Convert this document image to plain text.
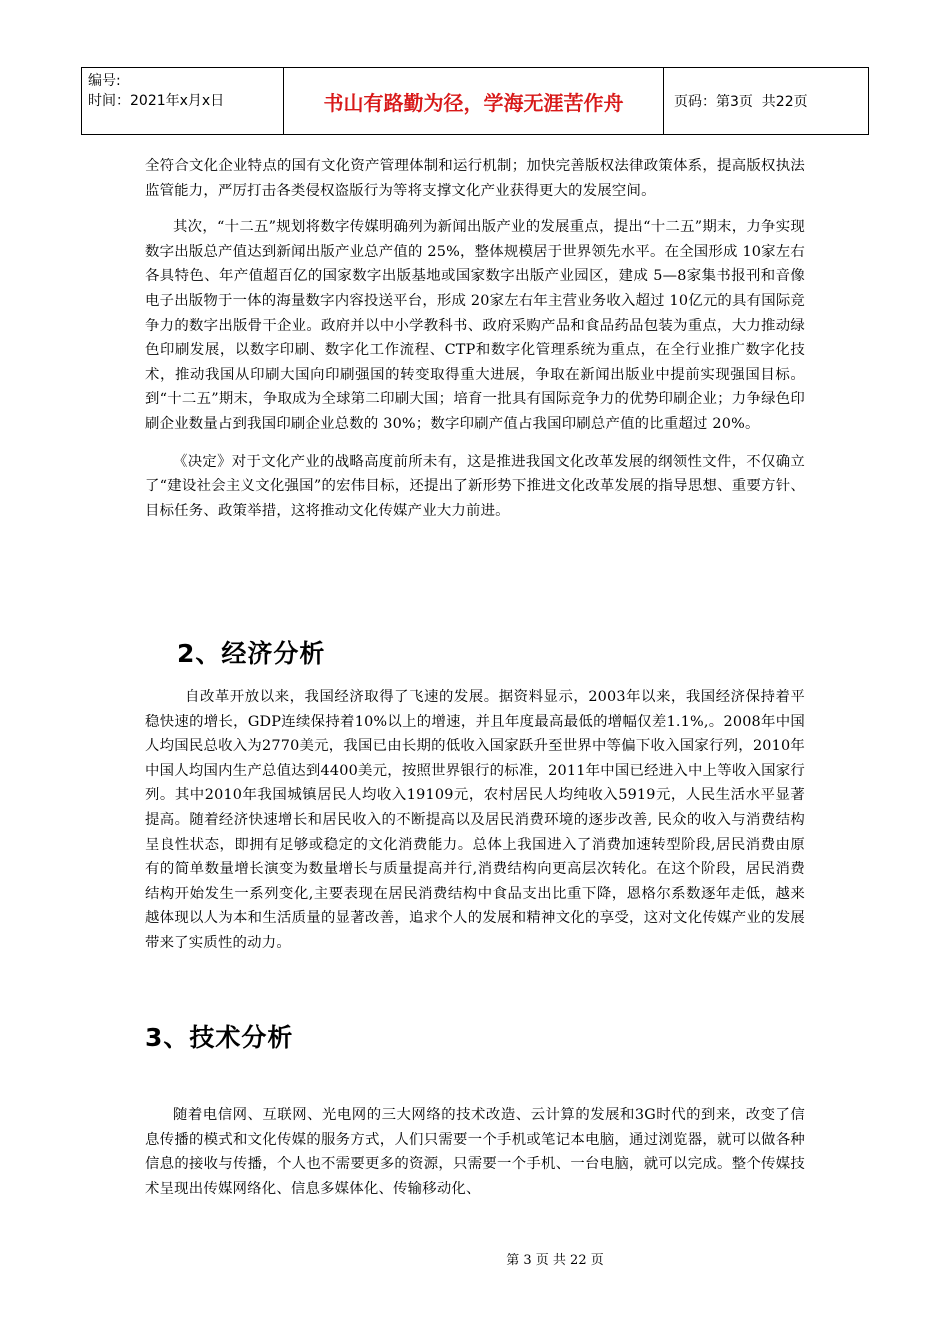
编号:
时间：2021年x月x日	书山有路勤为径，学海无涯苦作舟	页码：第3页  共22页

全符合文化企业特点的国有文化资产管理体制和运行机制；加快完善版权法律政策体系，提高版权执法监管能力，严厉打击各类侵权盗版行为等将支撑文化产业获得更大的发展空间。

其次，“十二五”规划将数字传媒明确列为新闻出版产业的发展重点，提出“十二五”期末，力争实现数字出版总产值达到新闻出版产业总产值的 25%，整体规模居于世界领先水平。在全国形成 10家左右各具特色、年产值超百亿的国家数字出版基地或国家数字出版产业园区，建成 5—8家集书报刊和音像电子出版物于一体的海量数字内容投送平台，形成 20家左右年主营业务收入超过 10亿元的具有国际竞争力的数字出版骨干企业。政府并以中小学教科书、政府采购产品和食品药品包装为重点，大力推动绿色印刷发展，以数字印刷、数字化工作流程、CTP和数字化管理系统为重点，在全行业推广数字化技术，推动我国从印刷大国向印刷强国的转变取得重大进展，争取在新闻出版业中提前实现强国目标。到“十二五”期末，争取成为全球第二印刷大国；培育一批具有国际竞争力的优势印刷企业；力争绿色印刷企业数量占到我国印刷企业总数的 30%；数字印刷产值占我国印刷总产值的比重超过 20%。

《决定》对于文化产业的战略高度前所未有，这是推进我国文化改革发展的纲领性文件，不仅确立了“建设社会主义文化强国”的宏伟目标，还提出了新形势下推进文化改革发展的指导思想、重要方针、目标任务、政策举措，这将推动文化传媒产业大力前进。

2、经济分析

自改革开放以来，我国经济取得了飞速的发展。据资料显示，2003年以来，我国经济保持着平稳快速的增长，GDP连续保持着10%以上的增速，并且年度最高最低的增幅仅差1.1%,。2008年中国人均国民总收入为2770美元，我国已由长期的低收入国家跃升至世界中等偏下收入国家行列，2010年中国人均国内生产总值达到4400美元，按照世界银行的标准，2011年中国已经进入中上等收入国家行列。其中2010年我国城镇居民人均收入19109元，农村居民人均纯收入5919元，人民生活水平显著提高。随着经济快速增长和居民收入的不断提高以及居民消费环境的逐步改善, 民众的收入与消费结构呈良性状态，即拥有足够或稳定的文化消费能力。总体上我国进入了消费加速转型阶段,居民消费由原有的简单数量增长演变为数量增长与质量提高并行,消费结构向更高层次转化。在这个阶段，居民消费结构开始发生一系列变化,主要表现在居民消费结构中食品支出比重下降，恩格尔系数逐年走低，越来越体现以人为本和生活质量的显著改善，追求个人的发展和精神文化的享受，这对文化传媒产业的发展带来了实质性的动力。

3、技术分析

随着电信网、互联网、光电网的三大网络的技术改造、云计算的发展和3G时代的到来，改变了信息传播的模式和文化传媒的服务方式，人们只需要一个手机或笔记本电脑，通过浏览器，就可以做各种信息的接收与传播，个人也不需要更多的资源，只需要一个手机、一台电脑，就可以完成。整个传媒技术呈现出传媒网络化、信息多媒体化、传输移动化、

第 3 页 共 22 页
